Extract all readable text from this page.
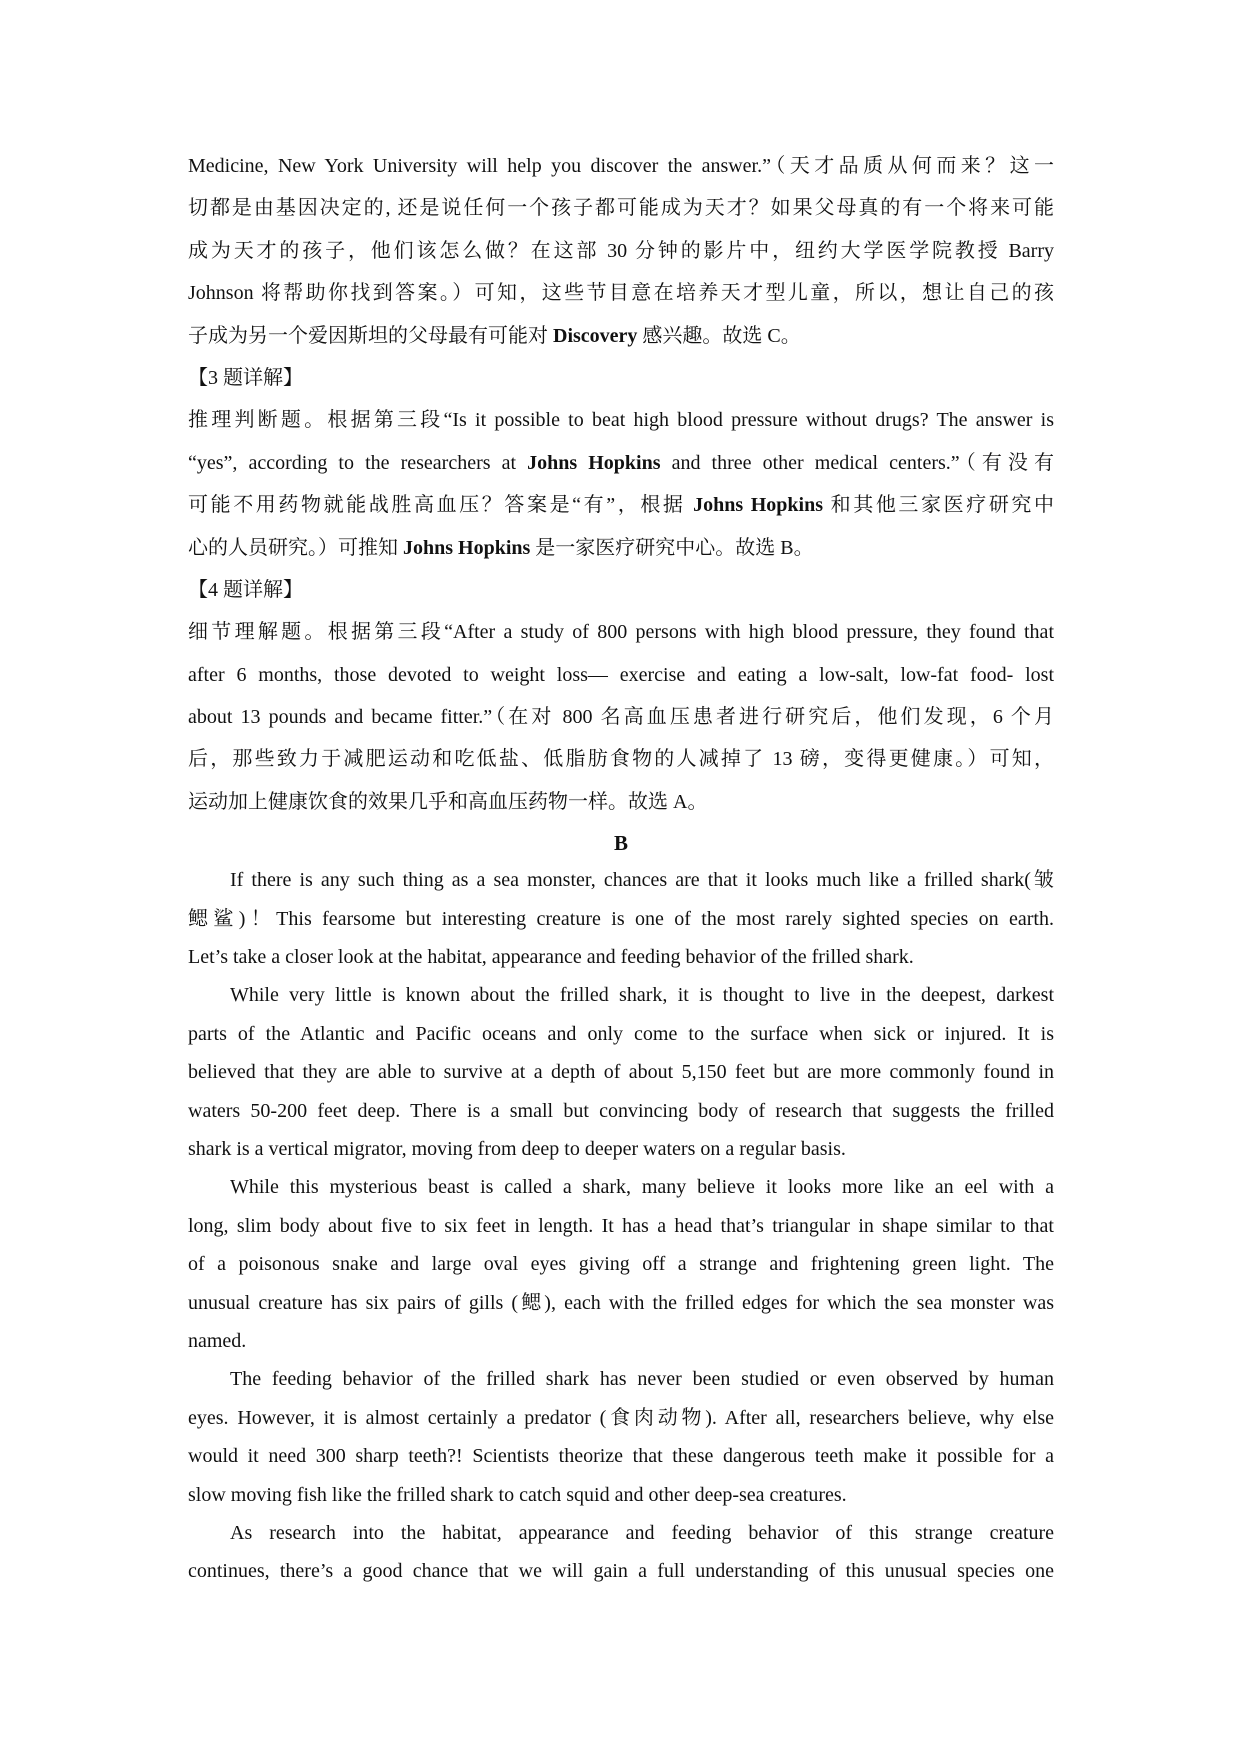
Medicine, New York University will help you discover the answer.”（天才品质从何而来？这一
切都是由基因决定的, 还是说任何一个孩子都可能成为天才？如果父母真的有一个将来可能
成为天才的孩子，他们该怎么做？在这部 30 分钟的影片中，纽约大学医学院教授 Barry
Johnson 将帮助你找到答案。）可知，这些节目意在培养天才型儿童，所以，想让自己的孩
子成为另一个爱因斯坦的父母最有可能对 Discovery 感兴趣。故选 C。
【3 题详解】
推理判断题。根据第三段“Is it possible to beat high blood pressure without drugs? The answer is
“yes”, according to the researchers at Johns Hopkins and three other medical centers.”（有没有
可能不用药物就能战胜高血压？答案是“有”，根据 Johns Hopkins 和其他三家医疗研究中
心的人员研究。）可推知 Johns Hopkins 是一家医疗研究中心。故选 B。
【4 题详解】
细节理解题。根据第三段“After a study of 800 persons with high blood pressure, they found that
after 6 months, those devoted to weight loss— exercise and eating a low-salt, low-fat food- lost
about 13 pounds and became fitter.”（在对 800 名高血压患者进行研究后，他们发现，6 个月
后，那些致力于减肥运动和吃低盐、低脂肪食物的人减掉了 13 磅，变得更健康。）可知，
运动加上健康饮食的效果几乎和高血压药物一样。故选 A。
B
If there is any such thing as a sea monster, chances are that it looks much like a frilled shark(皱
鳃鲨)！This fearsome but interesting creature is one of the most rarely sighted species on earth.
Let’s take a closer look at the habitat, appearance and feeding behavior of the frilled shark.
While very little is known about the frilled shark, it is thought to live in the deepest, darkest
parts of the Atlantic and Pacific oceans and only come to the surface when sick or injured. It is
believed that they are able to survive at a depth of about 5,150 feet but are more commonly found in
waters 50-200 feet deep. There is a small but convincing body of research that suggests the frilled
shark is a vertical migrator, moving from deep to deeper waters on a regular basis.
While this mysterious beast is called a shark, many believe it looks more like an eel with a
long, slim body about five to six feet in length. It has a head that’s triangular in shape similar to that
of a poisonous snake and large oval eyes giving off a strange and frightening green light. The
unusual creature has six pairs of gills (鳃), each with the frilled edges for which the sea monster was
named.
The feeding behavior of the frilled shark has never been studied or even observed by human
eyes. However, it is almost certainly a predator (食肉动物). After all, researchers believe, why else
would it need 300 sharp teeth?! Scientists theorize that these dangerous teeth make it possible for a
slow moving fish like the frilled shark to catch squid and other deep-sea creatures.
As research into the habitat, appearance and feeding behavior of this strange creature
continues, there’s a good chance that we will gain a full understanding of this unusual species one
